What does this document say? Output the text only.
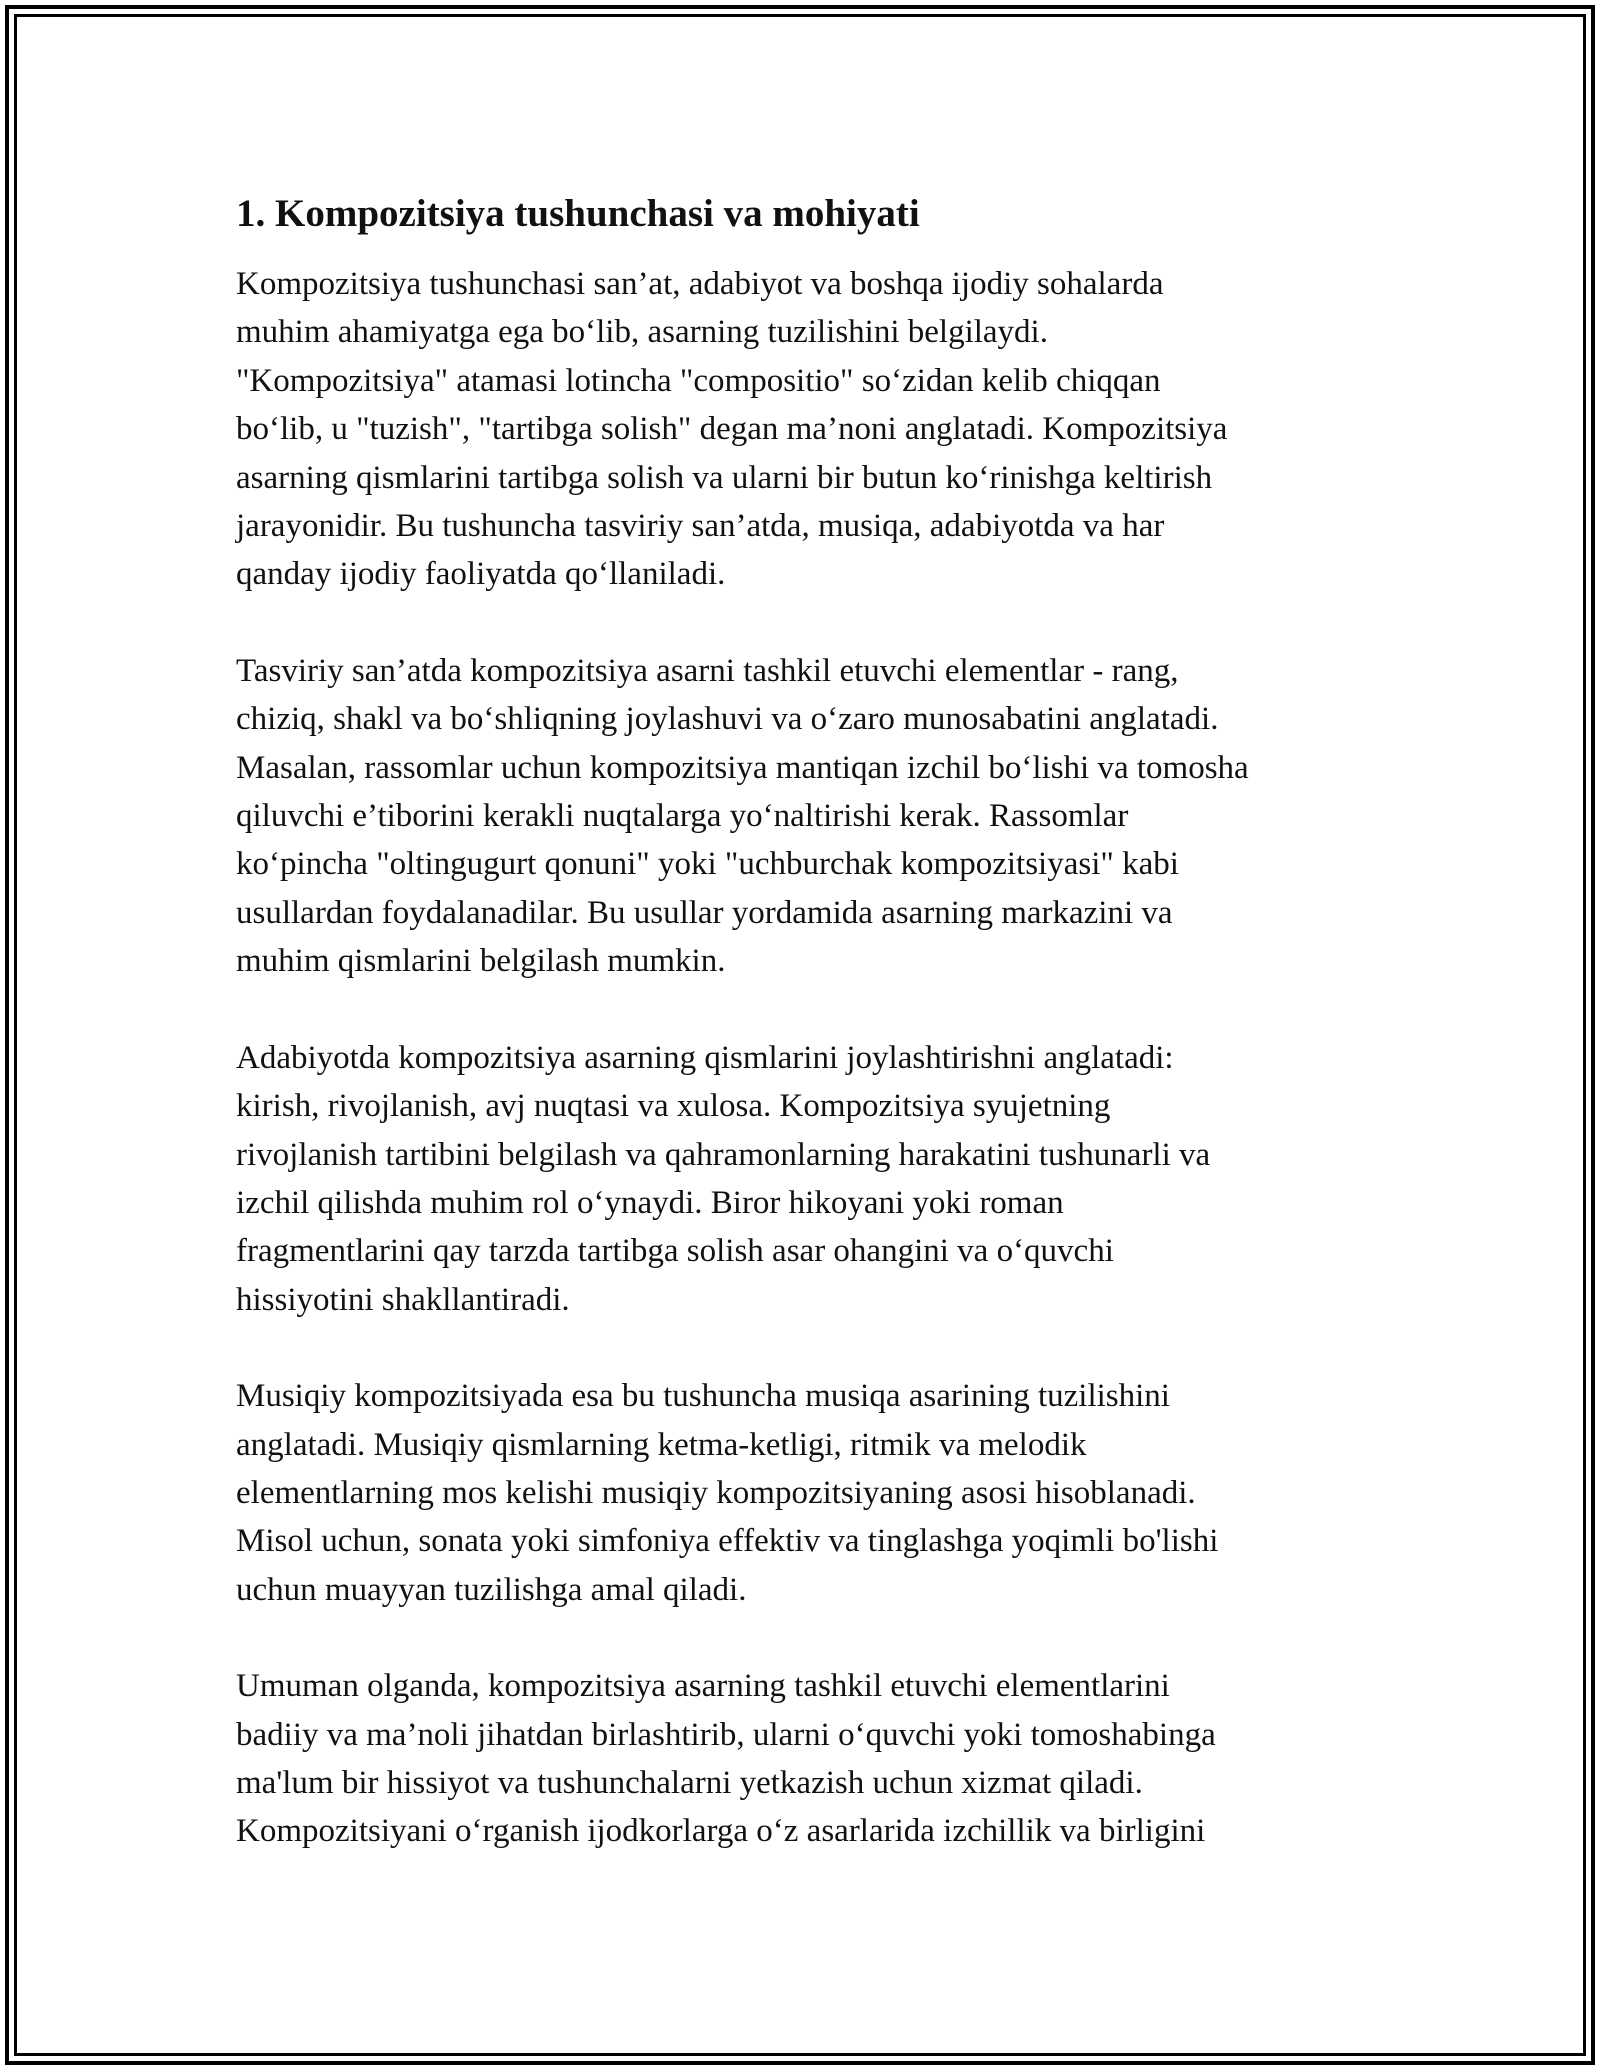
1. Kompozitsiya tushunchasi va mohiyati

Kompozitsiya tushunchasi san’at, adabiyot va boshqa ijodiy sohalarda
muhim ahamiyatga ega boʻlib, asarning tuzilishini belgilaydi.
"Kompozitsiya" atamasi lotincha "compositio" soʻzidan kelib chiqqan
boʻlib, u "tuzish", "tartibga solish" degan ma’noni anglatadi. Kompozitsiya
asarning qismlarini tartibga solish va ularni bir butun koʻrinishga keltirish
jarayonidir. Bu tushuncha tasviriy san’atda, musiqa, adabiyotda va har
qanday ijodiy faoliyatda qoʻllaniladi.

Tasviriy san’atda kompozitsiya asarni tashkil etuvchi elementlar - rang,
chiziq, shakl va boʻshliqning joylashuvi va oʻzaro munosabatini anglatadi.
Masalan, rassomlar uchun kompozitsiya mantiqan izchil boʻlishi va tomosha
qiluvchi e’tiborini kerakli nuqtalarga yoʻnaltirishi kerak. Rassomlar
koʻpincha "oltingugurt qonuni" yoki "uchburchak kompozitsiyasi" kabi
usullardan foydalanadilar. Bu usullar yordamida asarning markazini va
muhim qismlarini belgilash mumkin.

Adabiyotda kompozitsiya asarning qismlarini joylashtirishni anglatadi:
kirish, rivojlanish, avj nuqtasi va xulosa. Kompozitsiya syujetning
rivojlanish tartibini belgilash va qahramonlarning harakatini tushunarli va
izchil qilishda muhim rol oʻynaydi. Biror hikoyani yoki roman
fragmentlarini qay tarzda tartibga solish asar ohangini va oʻquvchi
hissiyotini shakllantiradi.

Musiqiy kompozitsiyada esa bu tushuncha musiqa asarining tuzilishini
anglatadi. Musiqiy qismlarning ketma-ketligi, ritmik va melodik
elementlarning mos kelishi musiqiy kompozitsiyaning asosi hisoblanadi.
Misol uchun, sonata yoki simfoniya effektiv va tinglashga yoqimli bo'lishi
uchun muayyan tuzilishga amal qiladi.

Umuman olganda, kompozitsiya asarning tashkil etuvchi elementlarini
badiiy va ma’noli jihatdan birlashtirib, ularni oʻquvchi yoki tomoshabinga
ma'lum bir hissiyot va tushunchalarni yetkazish uchun xizmat qiladi.
Kompozitsiyani oʻrganish ijodkorlarga oʻz asarlarida izchillik va birligini
